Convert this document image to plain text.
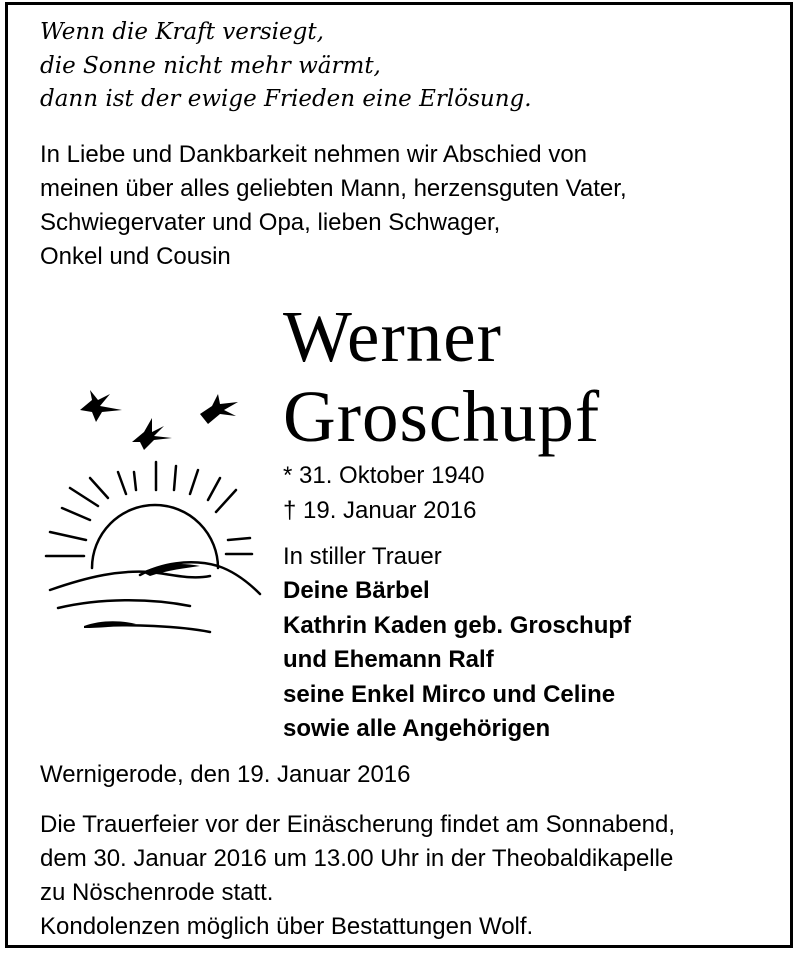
Wenn die Kraft versiegt,
die Sonne nicht mehr wärmt,
dann ist der ewige Frieden eine Erlösung.
In Liebe und Dankbarkeit nehmen wir Abschied von
meinen über alles geliebten Mann, herzensguten Vater,
Schwiegervater und Opa, lieben Schwager,
Onkel und Cousin
Werner
Groschupf
* 31. Oktober 1940
† 19. Januar 2016
In stiller Trauer
Deine Bärbel
Kathrin Kaden geb. Groschupf
und Ehemann Ralf
seine Enkel Mirco und Celine
sowie alle Angehörigen
Wernigerode, den 19. Januar 2016
Die Trauerfeier vor der Einäscherung findet am Sonnabend,
dem 30. Januar 2016 um 13.00 Uhr in der Theobaldikapelle
zu Nöschenrode statt.
Kondolenzen möglich über Bestattungen Wolf.
